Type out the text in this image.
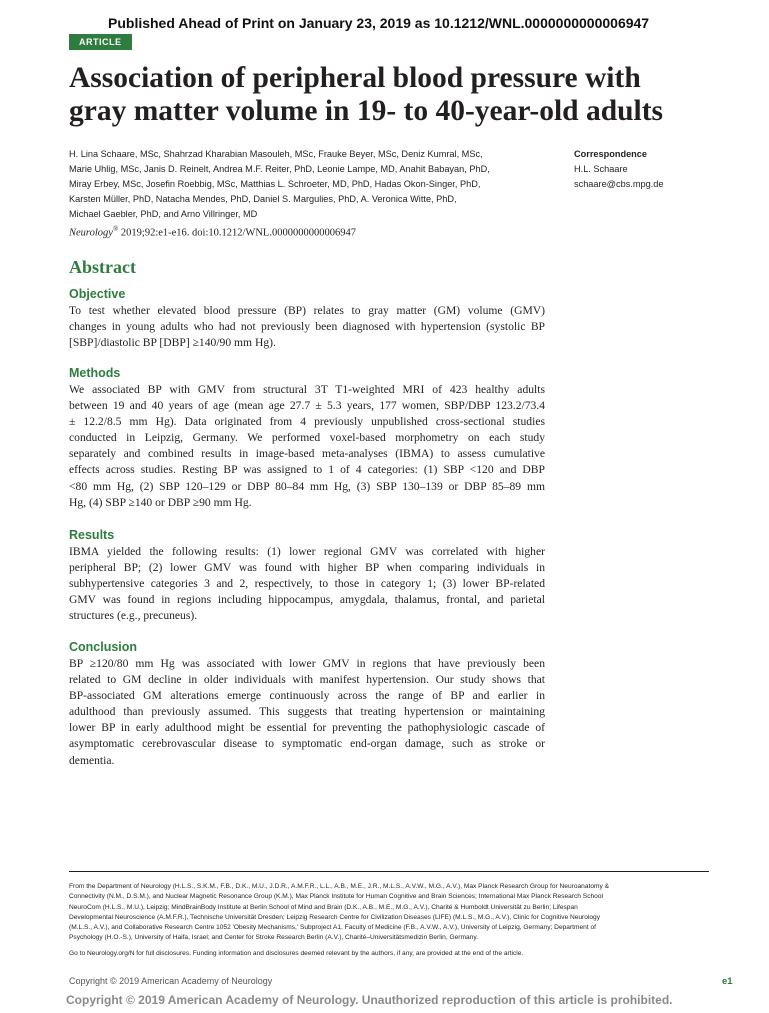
Published Ahead of Print on January 23, 2019 as 10.1212/WNL.0000000000006947
ARTICLE
Association of peripheral blood pressure with
gray matter volume in 19- to 40-year-old adults
H. Lina Schaare, MSc, Shahrzad Kharabian Masouleh, MSc, Frauke Beyer, MSc, Deniz Kumral, MSc,
Marie Uhlig, MSc, Janis D. Reinelt, Andrea M.F. Reiter, PhD, Leonie Lampe, MD, Anahit Babayan, PhD,
Miray Erbey, MSc, Josefin Roebbig, MSc, Matthias L. Schroeter, MD, PhD, Hadas Okon-Singer, PhD,
Karsten Müller, PhD, Natacha Mendes, PhD, Daniel S. Margulies, PhD, A. Veronica Witte, PhD,
Michael Gaebler, PhD, and Arno Villringer, MD
Correspondence
H.L. Schaare
schaare@cbs.mpg.de
Neurology® 2019;92:e1-e16. doi:10.1212/WNL.0000000000006947
Abstract
Objective
To test whether elevated blood pressure (BP) relates to gray matter (GM) volume (GMV)
changes in young adults who had not previously been diagnosed with hypertension (systolic BP
[SBP]/diastolic BP [DBP] ≥140/90 mm Hg).
Methods
We associated BP with GMV from structural 3T T1-weighted MRI of 423 healthy adults
between 19 and 40 years of age (mean age 27.7 ± 5.3 years, 177 women, SBP/DBP 123.2/73.4
± 12.2/8.5 mm Hg). Data originated from 4 previously unpublished cross-sectional studies
conducted in Leipzig, Germany. We performed voxel-based morphometry on each study
separately and combined results in image-based meta-analyses (IBMA) to assess cumulative
effects across studies. Resting BP was assigned to 1 of 4 categories: (1) SBP <120 and DBP
<80 mm Hg, (2) SBP 120–129 or DBP 80–84 mm Hg, (3) SBP 130–139 or DBP 85–89 mm
Hg, (4) SBP ≥140 or DBP ≥90 mm Hg.
Results
IBMA yielded the following results: (1) lower regional GMV was correlated with higher
peripheral BP; (2) lower GMV was found with higher BP when comparing individuals in
subhypertensive categories 3 and 2, respectively, to those in category 1; (3) lower BP-related
GMV was found in regions including hippocampus, amygdala, thalamus, frontal, and parietal
structures (e.g., precuneus).
Conclusion
BP ≥120/80 mm Hg was associated with lower GMV in regions that have previously been
related to GM decline in older individuals with manifest hypertension. Our study shows that
BP-associated GM alterations emerge continuously across the range of BP and earlier in
adulthood than previously assumed. This suggests that treating hypertension or maintaining
lower BP in early adulthood might be essential for preventing the pathophysiologic cascade of
asymptomatic cerebrovascular disease to symptomatic end-organ damage, such as stroke or
dementia.
From the Department of Neurology (H.L.S., S.K.M., F.B., D.K., M.U., J.D.R., A.M.F.R., L.L., A.B., M.E., J.R., M.L.S., A.V.W., M.G., A.V.), Max Planck Research Group for Neuroanatomy &
Connectivity (N.M., D.S.M.), and Nuclear Magnetic Resonance Group (K.M.), Max Planck Institute for Human Cognitive and Brain Sciences; International Max Planck Research School
NeuroCom (H.L.S., M.U.), Leipzig; MindBrainBody Institute at Berlin School of Mind and Brain (D.K., A.B., M.E., M.G., A.V.), Charité & Humboldt Universität zu Berlin; Lifespan
Developmental Neuroscience (A.M.F.R.), Technische Universität Dresden; Leipzig Research Centre for Civilization Diseases (LIFE) (M.L.S., M.G., A.V.), Clinic for Cognitive Neurology
(M.L.S., A.V.), and Collaborative Research Centre 1052 'Obesity Mechanisms,' Subproject A1, Faculty of Medicine (F.B., A.V.W., A.V.), University of Leipzig, Germany; Department of
Psychology (H.O.-S.), University of Haifa, Israel; and Center for Stroke Research Berlin (A.V.), Charité–Universitätsmedizin Berlin, Germany.
Go to Neurology.org/N for full disclosures. Funding information and disclosures deemed relevant by the authors, if any, are provided at the end of the article.
Copyright © 2019 American Academy of Neurology	e1
Copyright © 2019 American Academy of Neurology. Unauthorized reproduction of this article is prohibited.
